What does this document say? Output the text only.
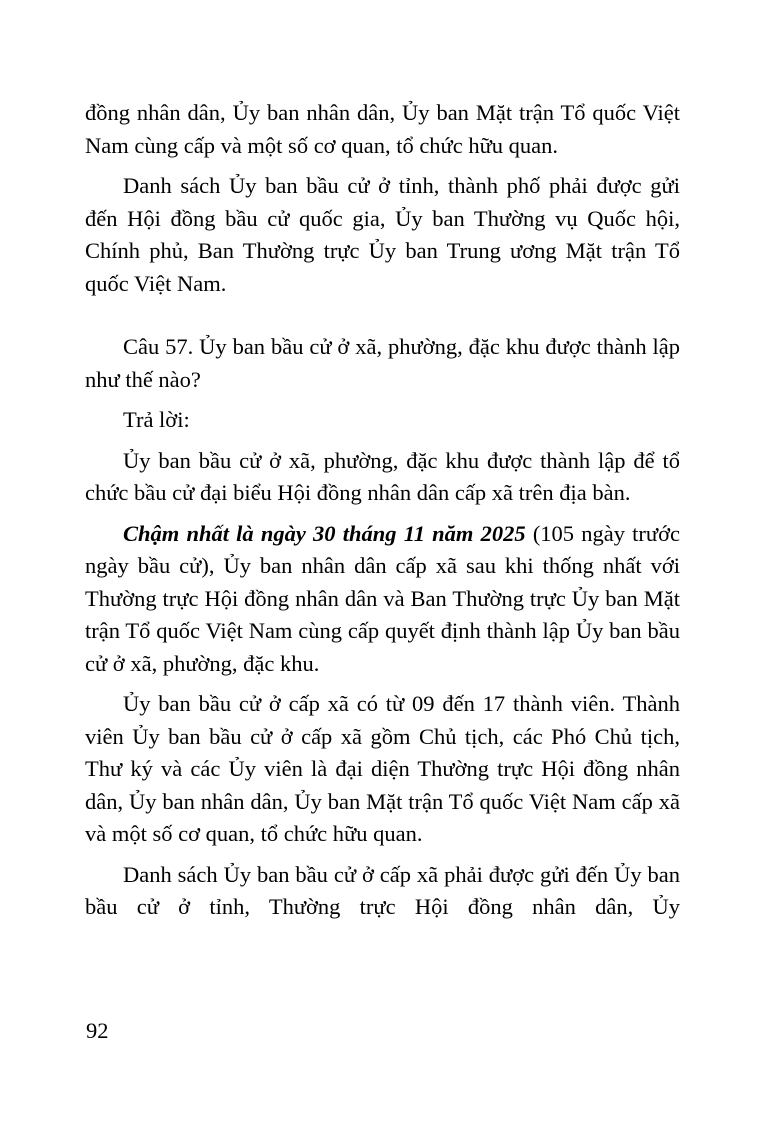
đồng nhân dân, Ủy ban nhân dân, Ủy ban Mặt trận Tổ quốc Việt Nam cùng cấp và một số cơ quan, tổ chức hữu quan.

Danh sách Ủy ban bầu cử ở tỉnh, thành phố phải được gửi đến Hội đồng bầu cử quốc gia, Ủy ban Thường vụ Quốc hội, Chính phủ, Ban Thường trực Ủy ban Trung ương Mặt trận Tổ quốc Việt Nam.

Câu 57. Ủy ban bầu cử ở xã, phường, đặc khu được thành lập như thế nào?

Trả lời:

Ủy ban bầu cử ở xã, phường, đặc khu được thành lập để tổ chức bầu cử đại biểu Hội đồng nhân dân cấp xã trên địa bàn.

Chậm nhất là ngày 30 tháng 11 năm 2025 (105 ngày trước ngày bầu cử), Ủy ban nhân dân cấp xã sau khi thống nhất với Thường trực Hội đồng nhân dân và Ban Thường trực Ủy ban Mặt trận Tổ quốc Việt Nam cùng cấp quyết định thành lập Ủy ban bầu cử ở xã, phường, đặc khu.

Ủy ban bầu cử ở cấp xã có từ 09 đến 17 thành viên. Thành viên Ủy ban bầu cử ở cấp xã gồm Chủ tịch, các Phó Chủ tịch, Thư ký và các Ủy viên là đại diện Thường trực Hội đồng nhân dân, Ủy ban nhân dân, Ủy ban Mặt trận Tổ quốc Việt Nam cấp xã và một số cơ quan, tổ chức hữu quan.

Danh sách Ủy ban bầu cử ở cấp xã phải được gửi đến Ủy ban bầu cử ở tỉnh, Thường trực Hội đồng nhân dân, Ủy

92
